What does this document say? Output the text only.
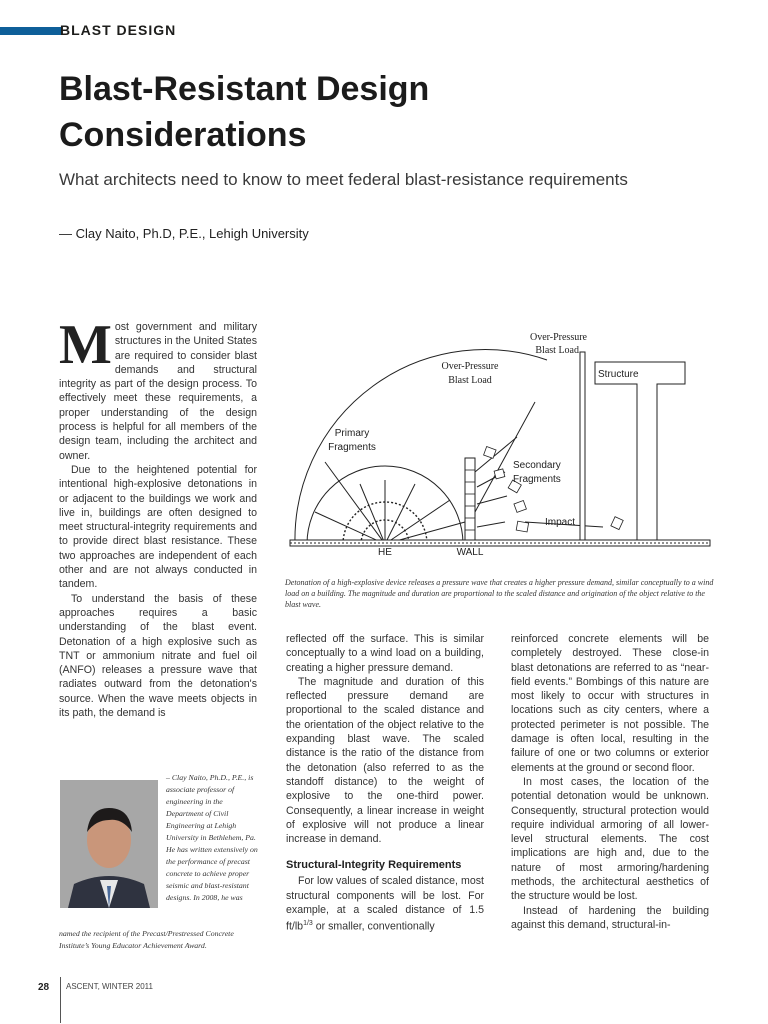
BLAST DESIGN
Blast-Resistant Design Considerations
What architects need to know to meet federal blast-resistance requirements
— Clay Naito, Ph.D, P.E., Lehigh University
M ost government and military structures in the United States are required to consider blast demands and structural integrity as part of the design process. To effectively meet these requirements, a proper understanding of the design process is helpful for all members of the design team, including the architect and owner.

Due to the heightened potential for intentional high-explosive detonations in or adjacent to the buildings we work and live in, buildings are often designed to meet structural-integrity requirements and to provide direct blast resistance. These two approaches are independent of each other and are not always conducted in tandem.

To understand the basis of these approaches requires a basic understanding of the blast event. Detonation of a high explosive such as TNT or ammonium nitrate and fuel oil (ANFO) releases a pressure wave that radiates outward from the detonation's source. When the wave meets objects in its path, the demand is

Over-Pressure
Blast Load
Over-Pressure
Blast Load
Structure
Primary
Fragments
Secondary
Fragments
Impact
HE	WALL
Detonation of a high-explosive device releases a pressure wave that creates a higher pressure demand, similar conceptually to a wind load on a building. The magnitude and duration are proportional to the scaled distance and origination of the object relative to the blast wave.

reflected off the surface. This is similar conceptually to a wind load on a building, creating a higher pressure demand.

The magnitude and duration of this reflected pressure demand are proportional to the scaled distance and the orientation of the object relative to the expanding blast wave. The scaled distance is the ratio of the distance from the detonation (also referred to as the standoff distance) to the weight of explosive to the one-third power. Consequently, a linear increase in weight of explosive will not produce a linear increase in demand.

Structural-Integrity Requirements

For low values of scaled distance, most structural components will be lost. For example, at a scaled distance of 1.5 $ft/lb^{1/3}$ or smaller, conventionally

reinforced concrete elements will be completely destroyed. These close-in blast detonations are referred to as “near-field events.” Bombings of this nature are most likely to occur with structures in locations such as city centers, where a protected perimeter is not possible. The damage is often local, resulting in the failure of one or two columns or exterior elements at the ground or second floor.

In most cases, the location of the potential detonation would be unknown. Consequently, structural protection would require individual armoring of all lower-level structural elements. The cost implications are high and, due to the nature of most armoring/hardening methods, the architectural aesthetics of the structure would be lost.

Instead of hardening the building against this demand, structural-in-

– Clay Naito, Ph.D., P.E., is associate professor of engineering in the Department of Civil Engineering at Lehigh University in Bethlehem, Pa. He has written extensively on the performance of precast concrete to achieve proper seismic and blast-resistant designs. In 2008, he was
named the recipient of the Precast/Prestressed Concrete Institute’s Young Educator Achievement Award.
28 ASCENT, WINTER 2011
